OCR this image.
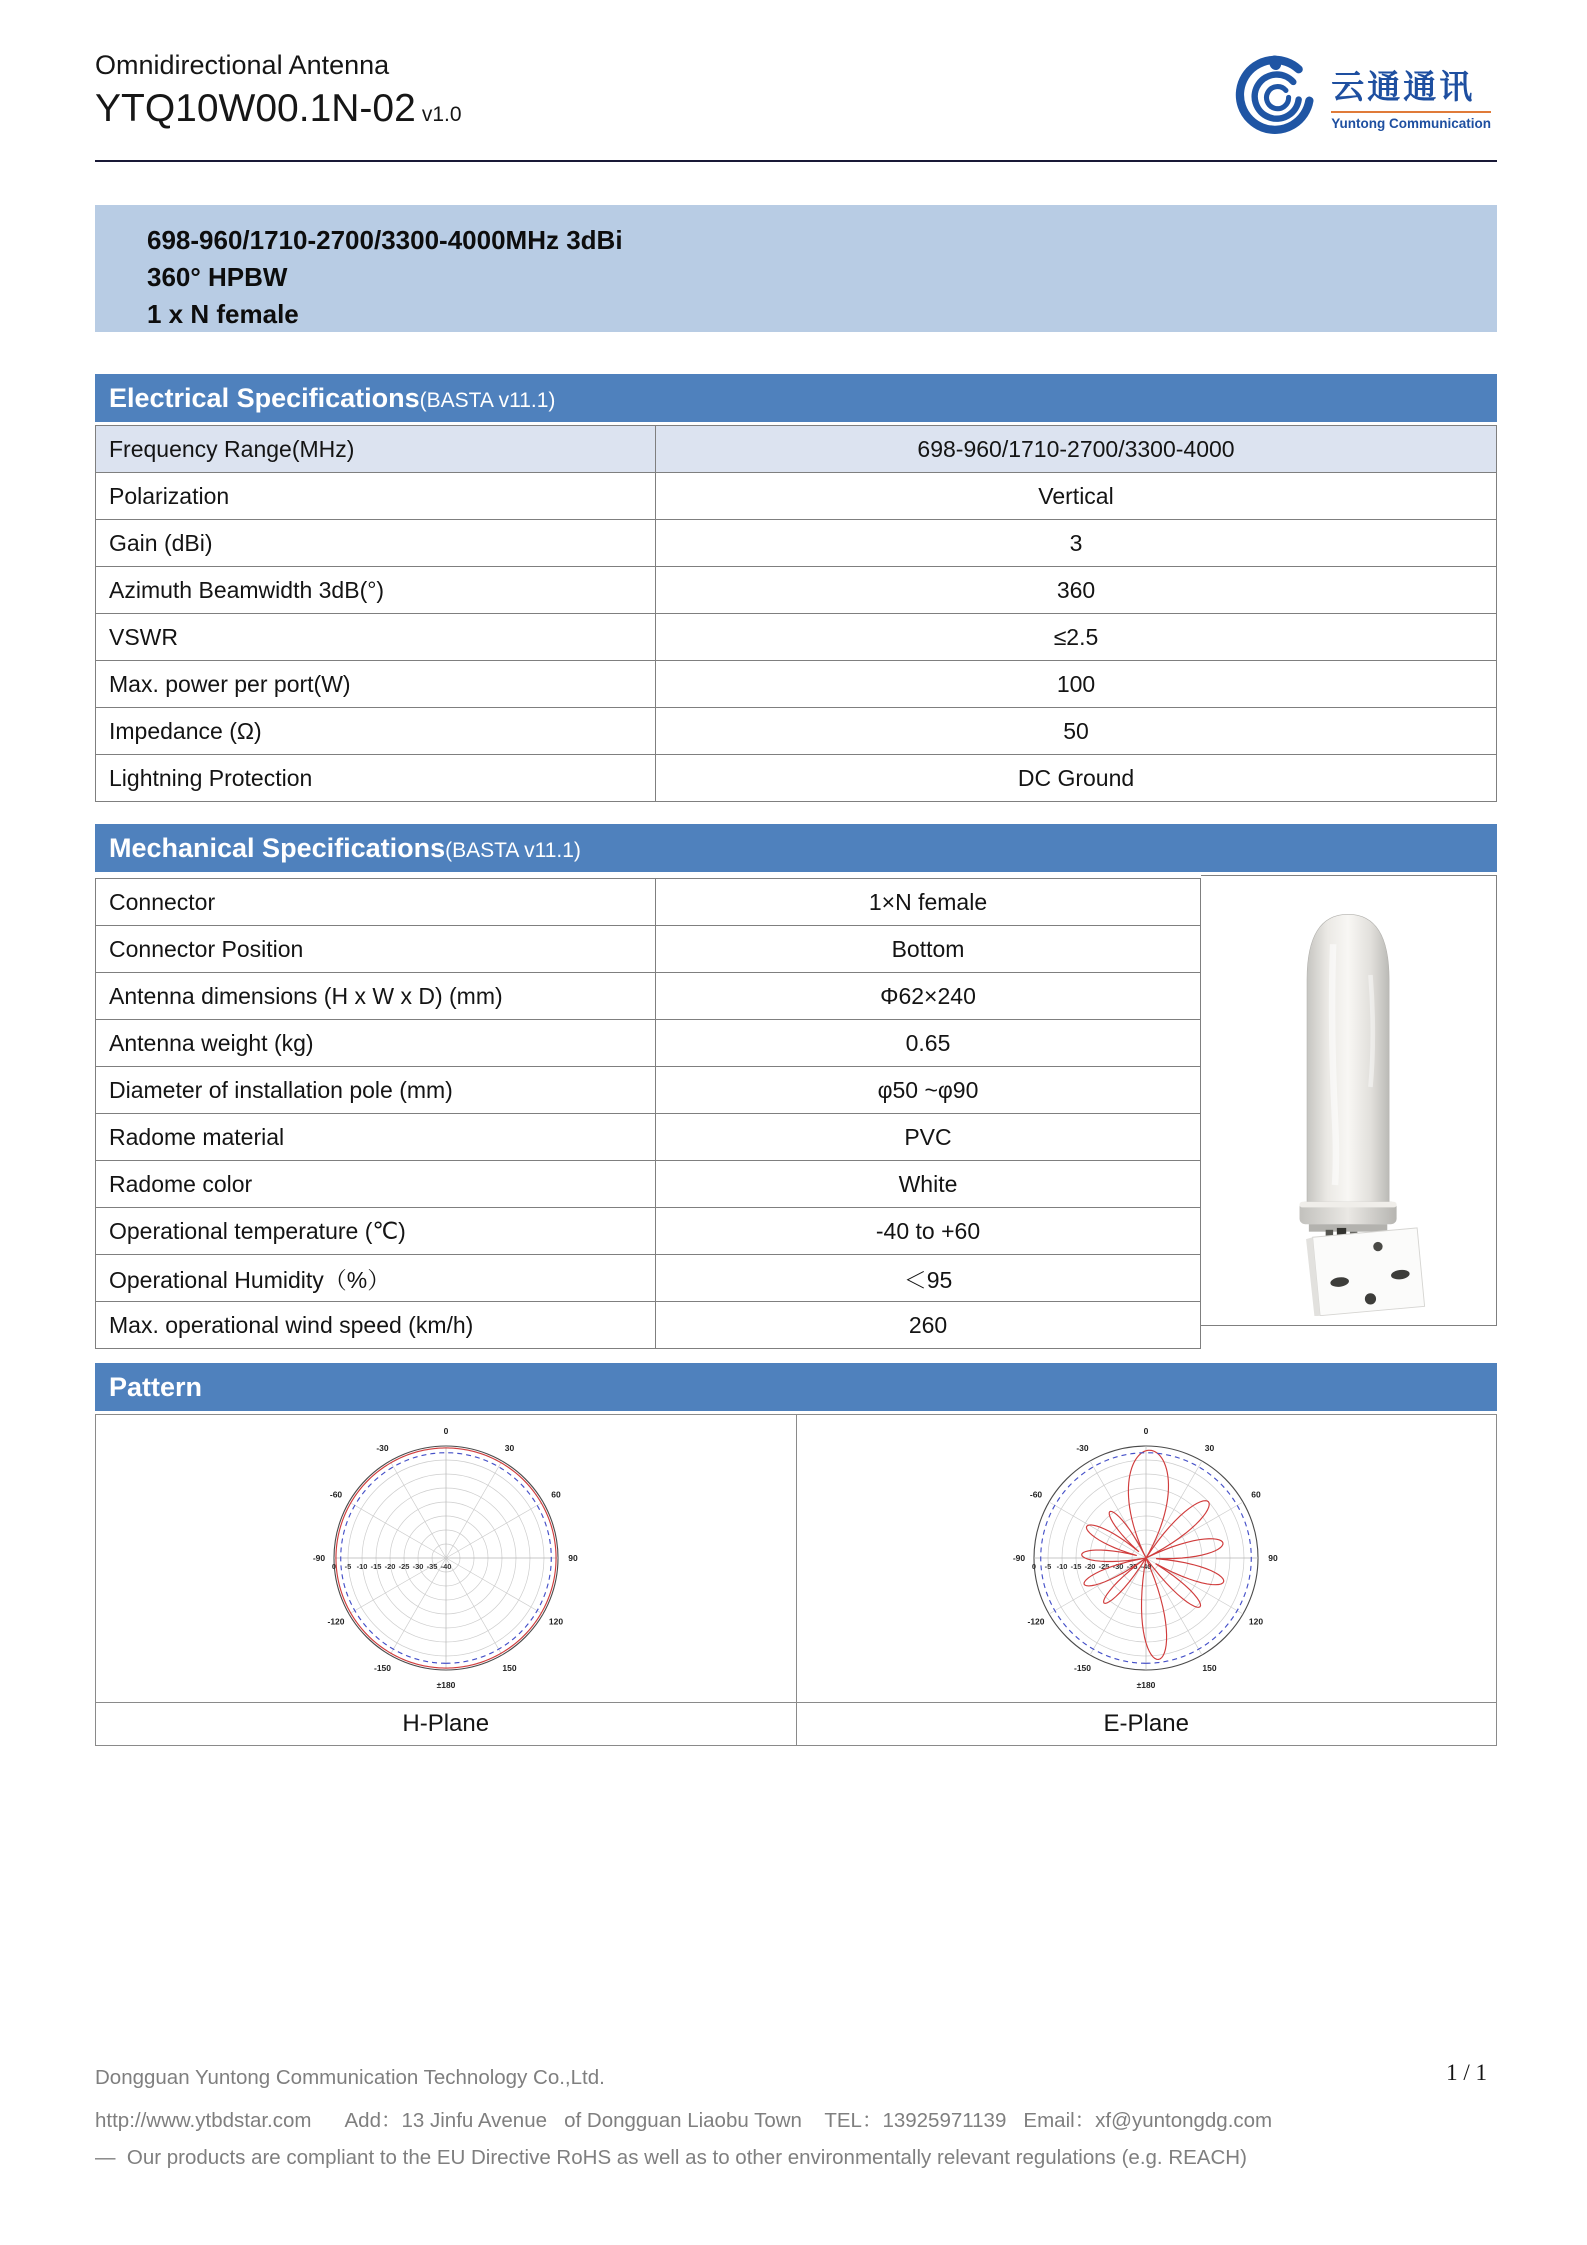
Omnidirectional Antenna
YTQ10W00.1N-02 v1.0
云通通讯
Yuntong Communication
698-960/1710-2700/3300-4000MHz 3dBi
360° HPBW
1 x N female
Electrical Specifications (BASTA v11.1)
Frequency Range(MHz)	698-960/1710-2700/3300-4000
Polarization	Vertical
Gain (dBi)	3
Azimuth Beamwidth 3dB(°)	360
VSWR	≤2.5
Max. power per port(W)	100
Impedance (Ω)	50
Lightning Protection	DC Ground
Mechanical Specifications (BASTA v11.1)
Connector	1×N female
Connector Position	Bottom
Antenna dimensions (H x W x D) (mm)	Φ62×240
Antenna weight (kg)	0.65
Diameter of installation pole (mm)	φ50 ~φ90
Radome material	PVC
Radome color	White
Operational temperature (℃)	-40 to +60
Operational Humidity（%）	＜95
Max. operational wind speed (km/h)	260
Pattern
0
30
60
90
120
150
±180
-150
-120
-90
-60
-30
0 -5 -10 -15 -20 -25 -30 -35 -40
0
30
60
90
120
150
±180
-150
-120
-90
-60
-30
0 -5 -10 -15 -20 -25 -30 -35 -40
H-Plane	E-Plane
1 / 1
Dongguan Yuntong Communication Technology Co.,Ltd.
http://www.ytbdstar.com      Add：13 Jinfu Avenue   of Dongguan Liaobu Town    TEL：13925971139   Email：xf@yuntongdg.com
—  Our products are compliant to the EU Directive RoHS as well as to other environmentally relevant regulations (e.g. REACH)
